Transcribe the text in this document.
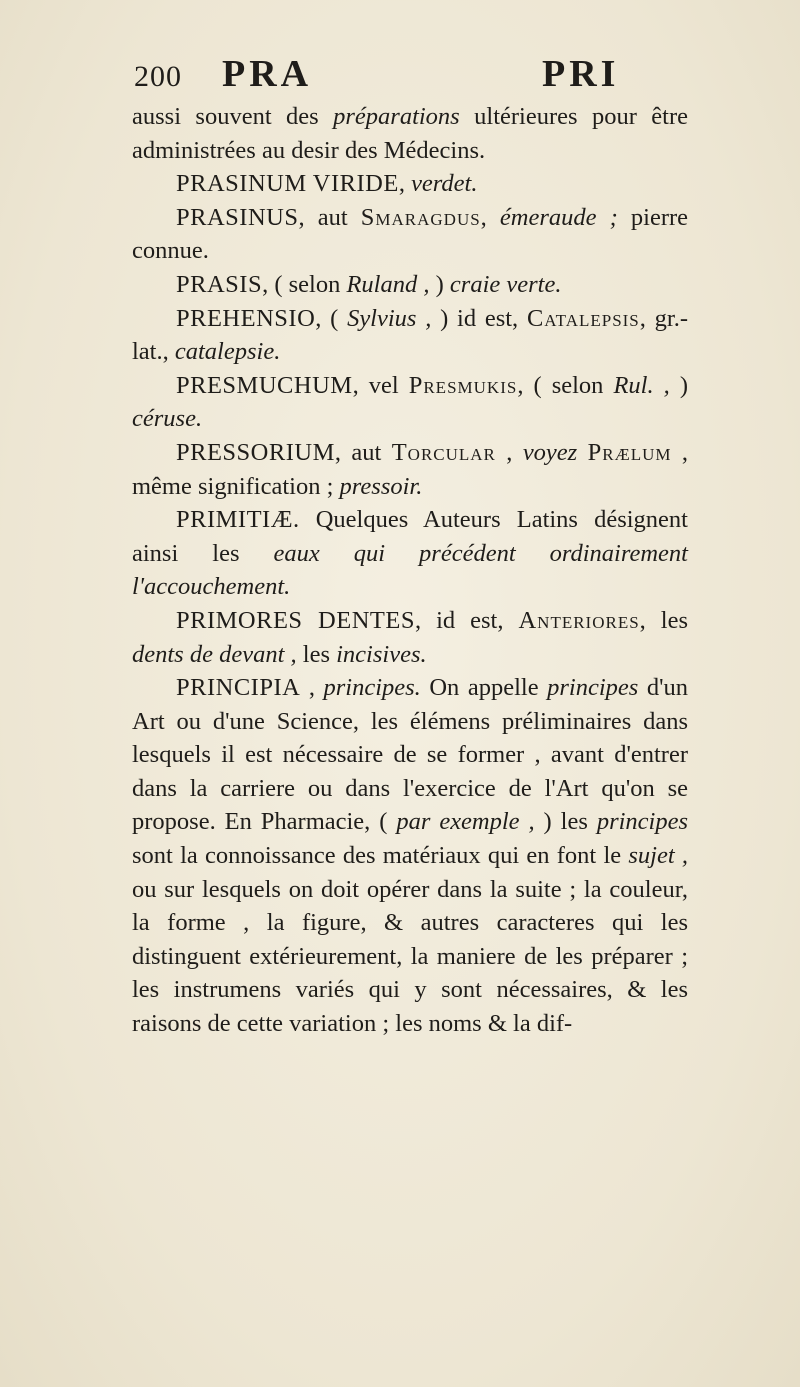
200 PRA	PRI

aussi souvent des préparations ultérieures pour être administrées au desir des Médecins.

PRASINUM VIRIDE, verdet.

PRASINUS, aut Smaragdus, émeraude ; pierre connue.

PRASIS, ( selon Ruland , ) craie verte.

PREHENSIO, ( Sylvius , ) id est, Catalepsis, gr.-lat., catalepsie.

PRESMUCHUM, vel Presmukis, ( selon Rul. , ) céruse.

PRESSORIUM, aut Torcular , voyez Prælum , même signification ; pressoir.

PRIMITIÆ. Quelques Auteurs Latins désignent ainsi les eaux qui précédent ordinairement l'accouchement.

PRIMORES DENTES, id est, Anteriores, les dents de devant , les incisives.

PRINCIPIA , principes. On appelle principes d'un Art ou d'une Science, les élémens préliminaires dans lesquels il est nécessaire de se former , avant d'entrer dans la carriere ou dans l'exercice de l'Art qu'on se propose. En Pharmacie, ( par exemple , ) les principes sont la connoissance des matériaux qui en font le sujet , ou sur lesquels on doit opérer dans la suite ; la couleur, la forme , la figure, & autres caracteres qui les distinguent extérieurement, la maniere de les préparer ; les instrumens variés qui y sont nécessaires, & les raisons de cette variation ; les noms & la dif-
